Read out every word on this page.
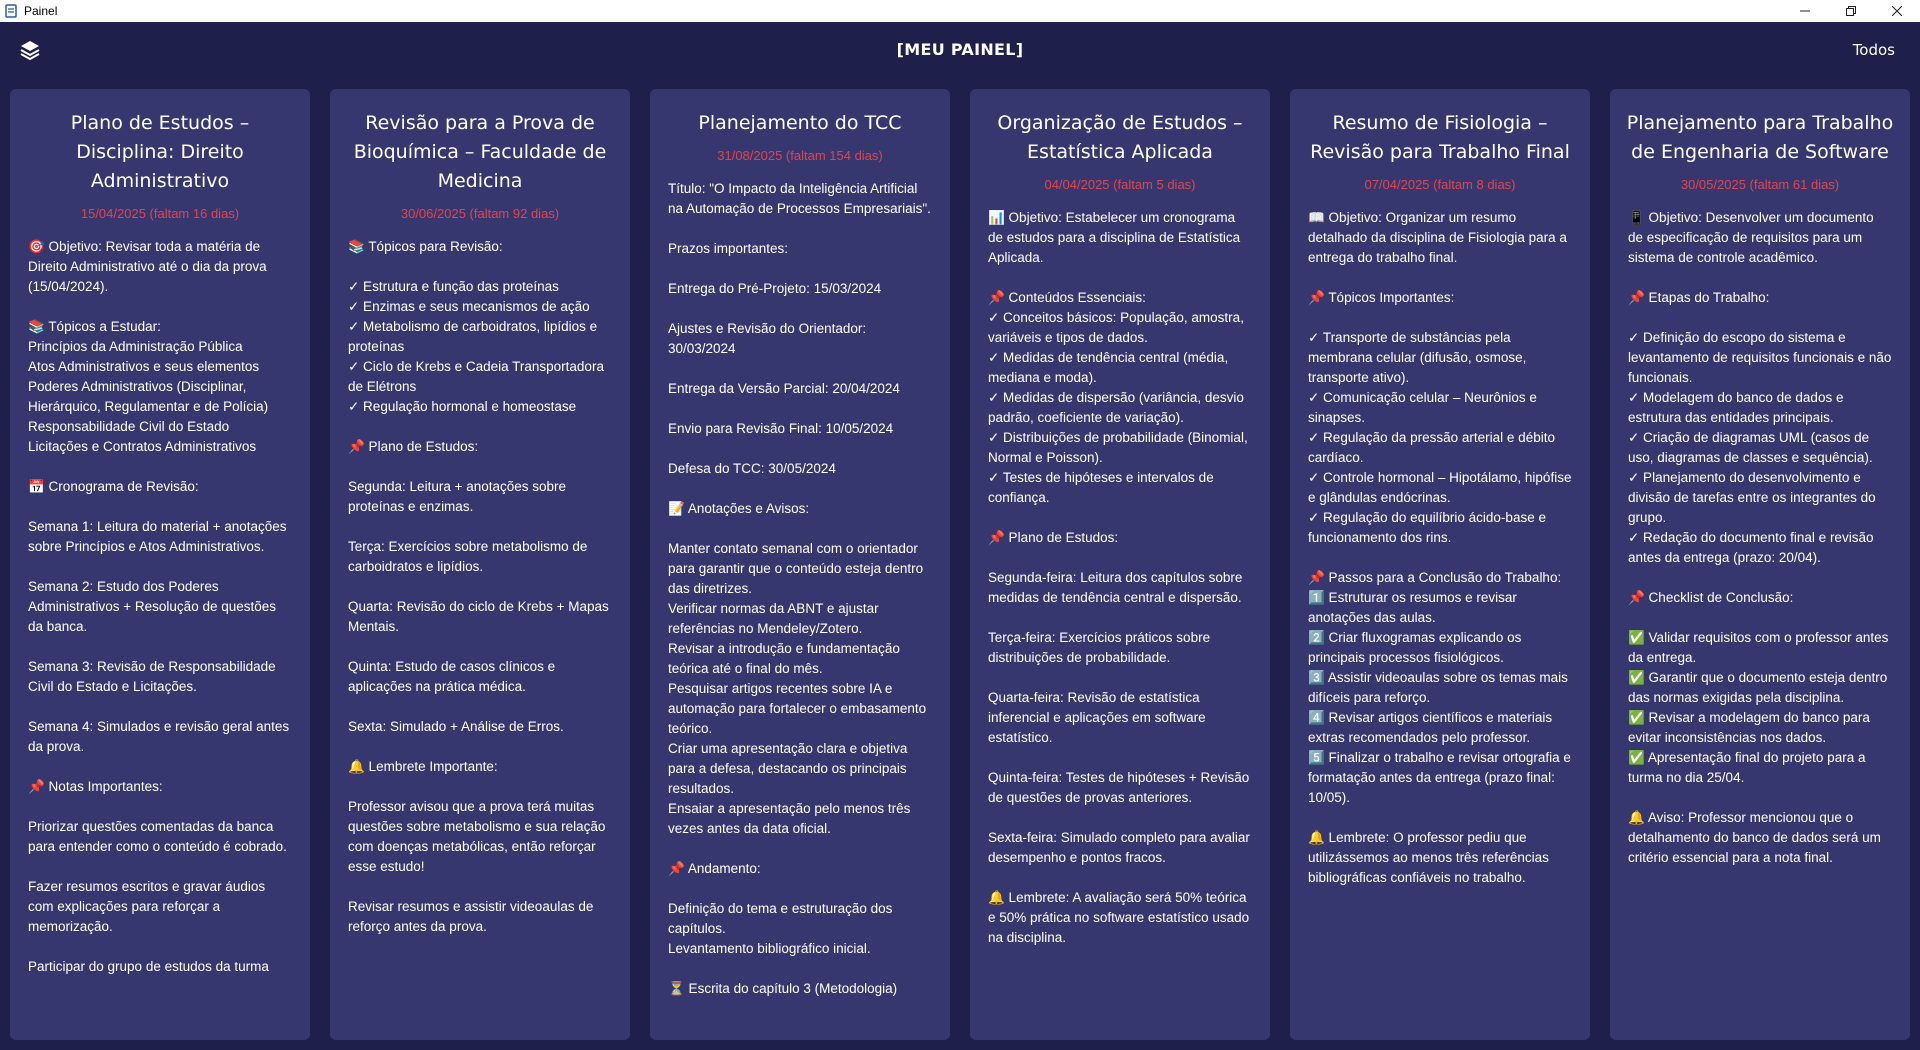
Painel
[MEU PAINEL]	Todos
Plano de Estudos – Disciplina: Direito Administrativo
15/04/2025 (faltam 16 dias)
🎯 Objetivo: Revisar toda a matéria de Direito Administrativo até o dia da prova (15/04/2024).

📚 Tópicos a Estudar:
Princípios da Administração Pública
Atos Administrativos e seus elementos
Poderes Administrativos (Disciplinar, Hierárquico, Regulamentar e de Polícia)
Responsabilidade Civil do Estado
Licitações e Contratos Administrativos

📅 Cronograma de Revisão:

Semana 1: Leitura do material + anotações sobre Princípios e Atos Administrativos.

Semana 2: Estudo dos Poderes Administrativos + Resolução de questões da banca.

Semana 3: Revisão de Responsabilidade Civil do Estado e Licitações.

Semana 4: Simulados e revisão geral antes da prova.

📌 Notas Importantes:

Priorizar questões comentadas da banca para entender como o conteúdo é cobrado.

Fazer resumos escritos e gravar áudios com explicações para reforçar a memorização.

Participar do grupo de estudos da turma
Revisão para a Prova de Bioquímica – Faculdade de Medicina
30/06/2025 (faltam 92 dias)
📚 Tópicos para Revisão:

✓ Estrutura e função das proteínas
✓ Enzimas e seus mecanismos de ação
✓ Metabolismo de carboidratos, lipídios e proteínas
✓ Ciclo de Krebs e Cadeia Transportadora de Elétrons
✓ Regulação hormonal e homeostase

📌 Plano de Estudos:

Segunda: Leitura + anotações sobre proteínas e enzimas.

Terça: Exercícios sobre metabolismo de carboidratos e lipídios.

Quarta: Revisão do ciclo de Krebs + Mapas Mentais.

Quinta: Estudo de casos clínicos e aplicações na prática médica.

Sexta: Simulado + Análise de Erros.

🔔 Lembrete Importante:

Professor avisou que a prova terá muitas questões sobre metabolismo e sua relação com doenças metabólicas, então reforçar esse estudo!

Revisar resumos e assistir videoaulas de reforço antes da prova.
Planejamento do TCC
31/08/2025 (faltam 154 dias)
Título: "O Impacto da Inteligência Artificial na Automação de Processos Empresariais".

Prazos importantes:

Entrega do Pré-Projeto: 15/03/2024

Ajustes e Revisão do Orientador: 30/03/2024

Entrega da Versão Parcial: 20/04/2024

Envio para Revisão Final: 10/05/2024

Defesa do TCC: 30/05/2024

📝 Anotações e Avisos:

Manter contato semanal com o orientador para garantir que o conteúdo esteja dentro das diretrizes.
Verificar normas da ABNT e ajustar referências no Mendeley/Zotero.
Revisar a introdução e fundamentação teórica até o final do mês.
Pesquisar artigos recentes sobre IA e automação para fortalecer o embasamento teórico.
Criar uma apresentação clara e objetiva para a defesa, destacando os principais resultados.
Ensaiar a apresentação pelo menos três vezes antes da data oficial.

📌 Andamento:

Definição do tema e estruturação dos capítulos.
Levantamento bibliográfico inicial.

⏳ Escrita do capítulo 3 (Metodologia)
Organização de Estudos – Estatística Aplicada
04/04/2025 (faltam 5 dias)
📊 Objetivo: Estabelecer um cronograma de estudos para a disciplina de Estatística Aplicada.

📌 Conteúdos Essenciais:
✓ Conceitos básicos: População, amostra, variáveis e tipos de dados.
✓ Medidas de tendência central (média, mediana e moda).
✓ Medidas de dispersão (variância, desvio padrão, coeficiente de variação).
✓ Distribuições de probabilidade (Binomial, Normal e Poisson).
✓ Testes de hipóteses e intervalos de confiança.

📌 Plano de Estudos:

Segunda-feira: Leitura dos capítulos sobre medidas de tendência central e dispersão.

Terça-feira: Exercícios práticos sobre distribuições de probabilidade.

Quarta-feira: Revisão de estatística inferencial e aplicações em software estatístico.

Quinta-feira: Testes de hipóteses + Revisão de questões de provas anteriores.

Sexta-feira: Simulado completo para avaliar desempenho e pontos fracos.

🔔 Lembrete: A avaliação será 50% teórica e 50% prática no software estatístico usado na disciplina.
Resumo de Fisiologia – Revisão para Trabalho Final
07/04/2025 (faltam 8 dias)
📖 Objetivo: Organizar um resumo detalhado da disciplina de Fisiologia para a entrega do trabalho final.

📌 Tópicos Importantes:

✓ Transporte de substâncias pela membrana celular (difusão, osmose, transporte ativo).
✓ Comunicação celular – Neurônios e sinapses.
✓ Regulação da pressão arterial e débito cardíaco.
✓ Controle hormonal – Hipotálamo, hipófise e glândulas endócrinas.
✓ Regulação do equilíbrio ácido-base e funcionamento dos rins.

📌 Passos para a Conclusão do Trabalho:
1️⃣ Estruturar os resumos e revisar anotações das aulas.
2️⃣ Criar fluxogramas explicando os principais processos fisiológicos.
3️⃣ Assistir videoaulas sobre os temas mais difíceis para reforço.
4️⃣ Revisar artigos científicos e materiais extras recomendados pelo professor.
5️⃣ Finalizar o trabalho e revisar ortografia e formatação antes da entrega (prazo final: 10/05).

🔔 Lembrete: O professor pediu que utilizássemos ao menos três referências bibliográficas confiáveis no trabalho.
Planejamento para Trabalho de Engenharia de Software
30/05/2025 (faltam 61 dias)
📱 Objetivo: Desenvolver um documento de especificação de requisitos para um sistema de controle acadêmico.

📌 Etapas do Trabalho:

✓ Definição do escopo do sistema e levantamento de requisitos funcionais e não funcionais.
✓ Modelagem do banco de dados e estrutura das entidades principais.
✓ Criação de diagramas UML (casos de uso, diagramas de classes e sequência).
✓ Planejamento do desenvolvimento e divisão de tarefas entre os integrantes do grupo.
✓ Redação do documento final e revisão antes da entrega (prazo: 20/04).

📌 Checklist de Conclusão:

✅ Validar requisitos com o professor antes da entrega.
✅ Garantir que o documento esteja dentro das normas exigidas pela disciplina.
✅ Revisar a modelagem do banco para evitar inconsistências nos dados.
✅ Apresentação final do projeto para a turma no dia 25/04.

🔔 Aviso: Professor mencionou que o detalhamento do banco de dados será um critério essencial para a nota final.
